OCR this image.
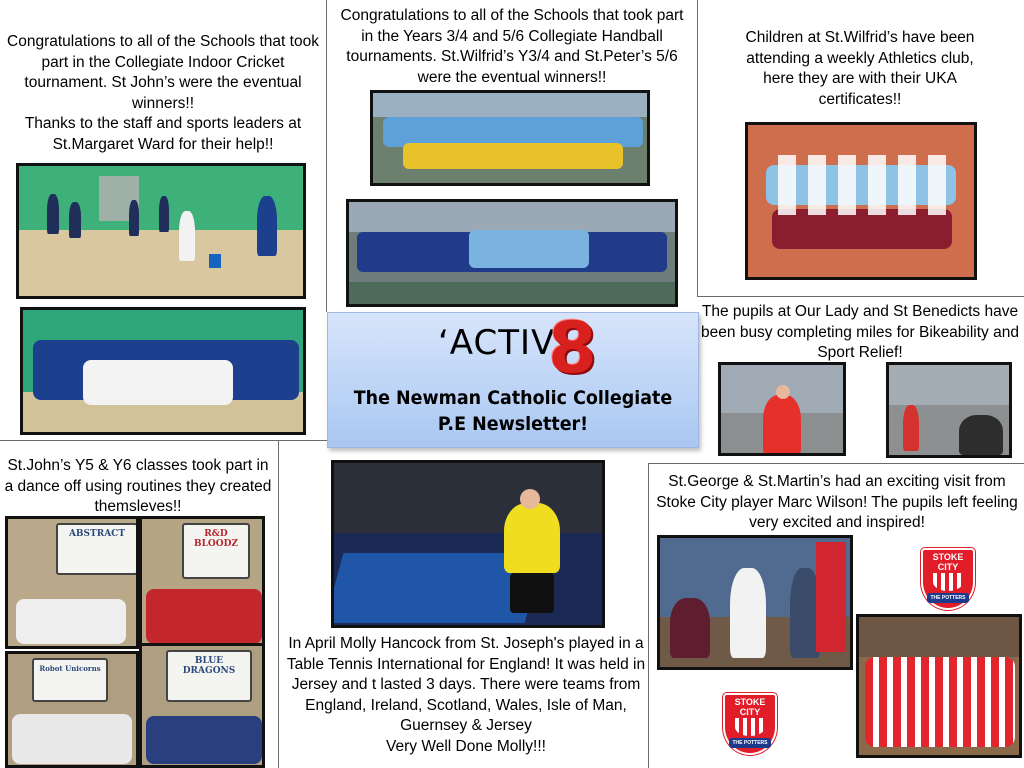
Congratulations to all of the Schools that took part in the Collegiate Indoor Cricket tournament. St John’s were the eventual winners!!
Thanks to the staff and sports leaders at St.Margaret Ward for their help!!
Congratulations to all of the Schools that took part in the Years 3/4 and 5/6 Collegiate Handball tournaments. St.Wilfrid’s Y3/4 and St.Peter’s 5/6 were the eventual winners!!
Children at St.Wilfrid’s have been attending a weekly Athletics club, here they are with their UKA certificates!!
‘ACTIV
8
The Newman Catholic Collegiate
P.E Newsletter!
The pupils at Our Lady and St Benedicts have been busy completing miles for Bikeability and Sport Relief!
St.John’s Y5 & Y6 classes took part in a dance off using routines they created themsleves!!
ABSTRACT	R&D BLOODZ
Robot Unicorns
BLUE DRAGONS
In April Molly Hancock from St. Joseph's played in a Table Tennis International for England! It was held in Jersey and t lasted 3 days. There were teams from England, Ireland, Scotland, Wales, Isle of Man, Guernsey & Jersey
Very Well Done Molly!!!
St.George & St.Martin’s had an exciting visit from Stoke City player Marc Wilson! The pupils left feeling very excited and inspired!
STOKE
CITY
THE POTTERS
STOKE
CITY
THE POTTERS
